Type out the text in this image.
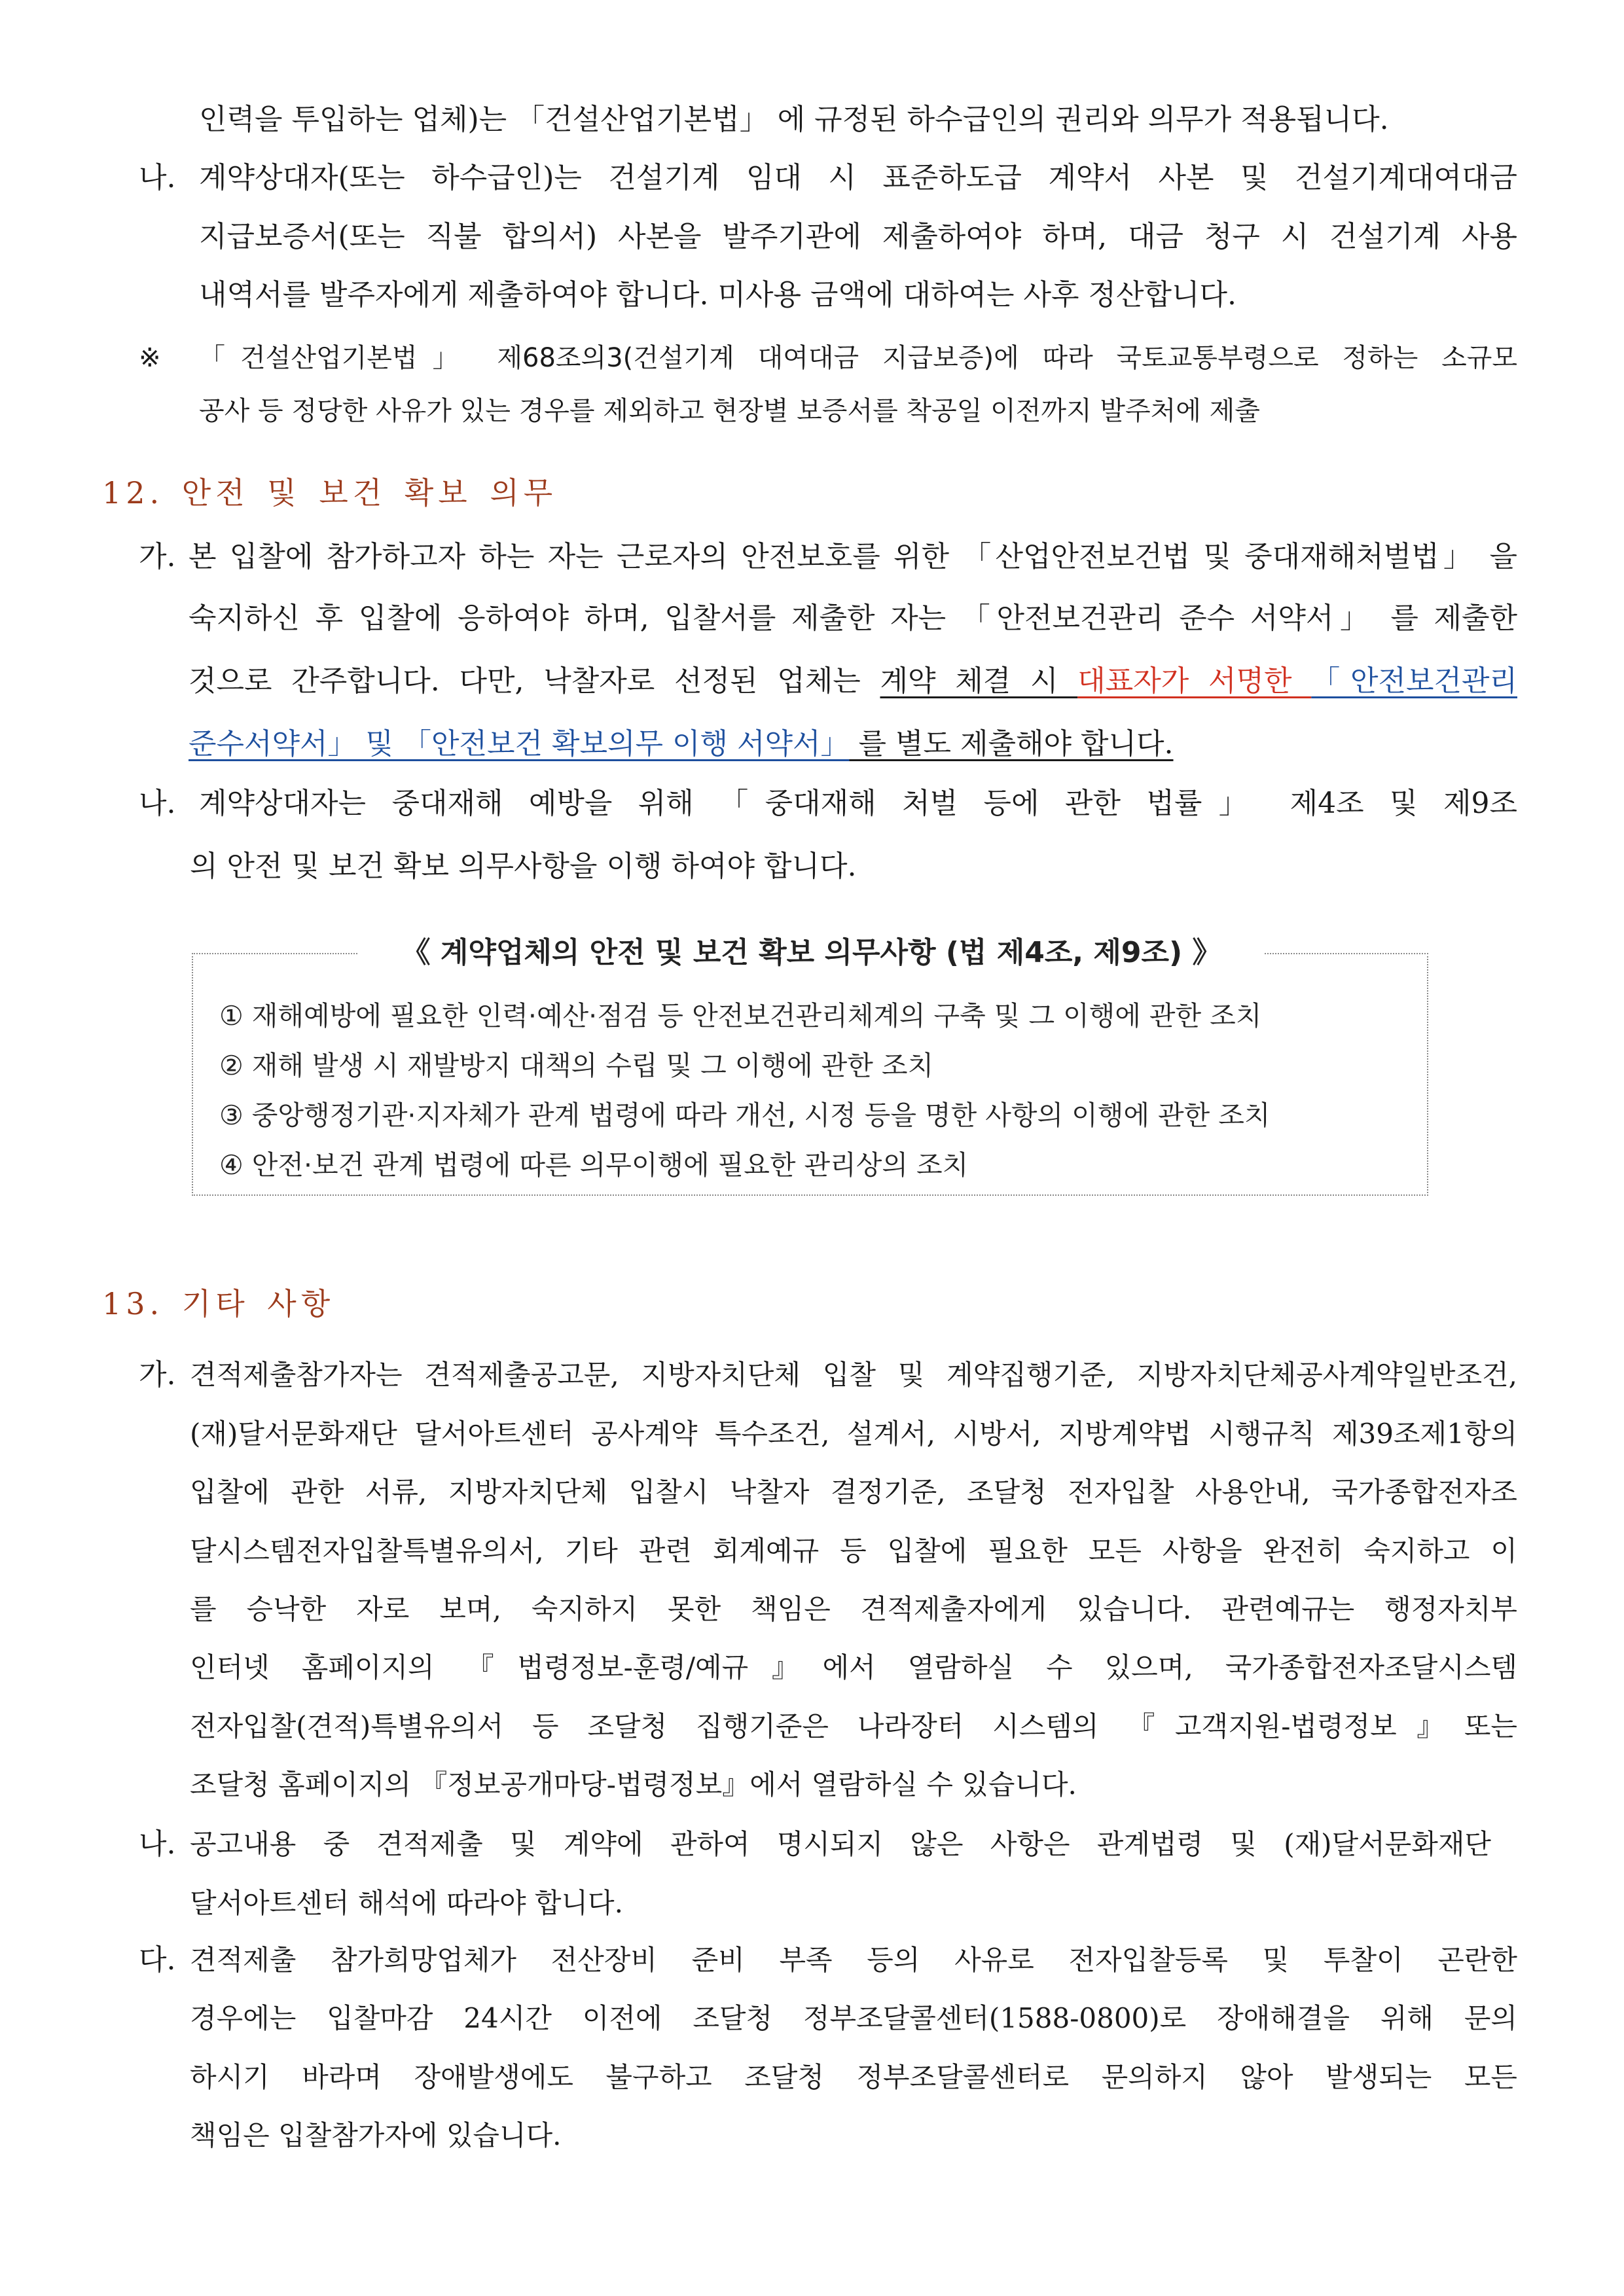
인력을 투입하는 업체)는 「건설산업기본법」 에 규정된 하수급인의 권리와 의무가 적용됩니다.
나. 계약상대자(또는 하수급인)는 건설기계 임대 시 표준하도급 계약서 사본 및 건설기계대여대금
지급보증서(또는 직불 합의서) 사본을 발주기관에 제출하여야 하며, 대금 청구 시 건설기계 사용
내역서를 발주자에게 제출하여야 합니다. 미사용 금액에 대하여는 사후 정산합니다.
※ 「건설산업기본법」 제68조의3(건설기계 대여대금 지급보증)에 따라 국토교통부령으로 정하는 소규모
공사 등 정당한 사유가 있는 경우를 제외하고 현장별 보증서를 착공일 이전까지 발주처에 제출
12. 안전 및 보건 확보 의무
가. 본 입찰에 참가하고자 하는 자는 근로자의 안전보호를 위한 「산업안전보건법 및 중대재해처벌법」 을
숙지하신 후 입찰에 응하여야 하며, 입찰서를 제출한 자는 「안전보건관리 준수 서약서」 를 제출한
것으로 간주합니다. 다만, 낙찰자로 선정된 업체는 계약 체결 시 대표자가 서명한 「안전보건관리
준수서약서」 및 「안전보건 확보의무 이행 서약서」 를 별도 제출해야 합니다.
나. 계약상대자는 중대재해 예방을 위해 「중대재해 처벌 등에 관한 법률」 제4조 및 제9조
의 안전 및 보건 확보 의무사항을 이행 하여야 합니다.
《 계약업체의 안전 및 보건 확보 의무사항 (법 제4조, 제9조) 》
① 재해예방에 필요한 인력·예산·점검 등 안전보건관리체계의 구축 및 그 이행에 관한 조치
② 재해 발생 시 재발방지 대책의 수립 및 그 이행에 관한 조치
③ 중앙행정기관·지자체가 관계 법령에 따라 개선, 시정 등을 명한 사항의 이행에 관한 조치
④ 안전·보건 관계 법령에 따른 의무이행에 필요한 관리상의 조치
13. 기타 사항
가. 견적제출참가자는 견적제출공고문, 지방자치단체 입찰 및 계약집행기준, 지방자치단체공사계약일반조건,
(재)달서문화재단 달서아트센터 공사계약 특수조건, 설계서, 시방서, 지방계약법 시행규칙 제39조제1항의
입찰에 관한 서류, 지방자치단체 입찰시 낙찰자 결정기준, 조달청 전자입찰 사용안내, 국가종합전자조
달시스템전자입찰특별유의서, 기타 관련 회계예규 등 입찰에 필요한 모든 사항을 완전히 숙지하고 이
를 승낙한 자로 보며, 숙지하지 못한 책임은 견적제출자에게 있습니다. 관련예규는 행정자치부
인터넷 홈페이지의 『법령정보-훈령/예규』에서 열람하실 수 있으며, 국가종합전자조달시스템
전자입찰(견적)특별유의서 등 조달청 집행기준은 나라장터 시스템의 『고객지원-법령정보』또는
조달청 홈페이지의 『정보공개마당-법령정보』에서 열람하실 수 있습니다.
나. 공고내용 중 견적제출 및 계약에 관하여 명시되지 않은 사항은 관계법령 및 (재)달서문화재단
달서아트센터 해석에 따라야 합니다.
다. 견적제출 참가희망업체가 전산장비 준비 부족 등의 사유로 전자입찰등록 및 투찰이 곤란한
경우에는 입찰마감 24시간 이전에 조달청 정부조달콜센터(1588-0800)로 장애해결을 위해 문의
하시기 바라며 장애발생에도 불구하고 조달청 정부조달콜센터로 문의하지 않아 발생되는 모든
책임은 입찰참가자에 있습니다.
